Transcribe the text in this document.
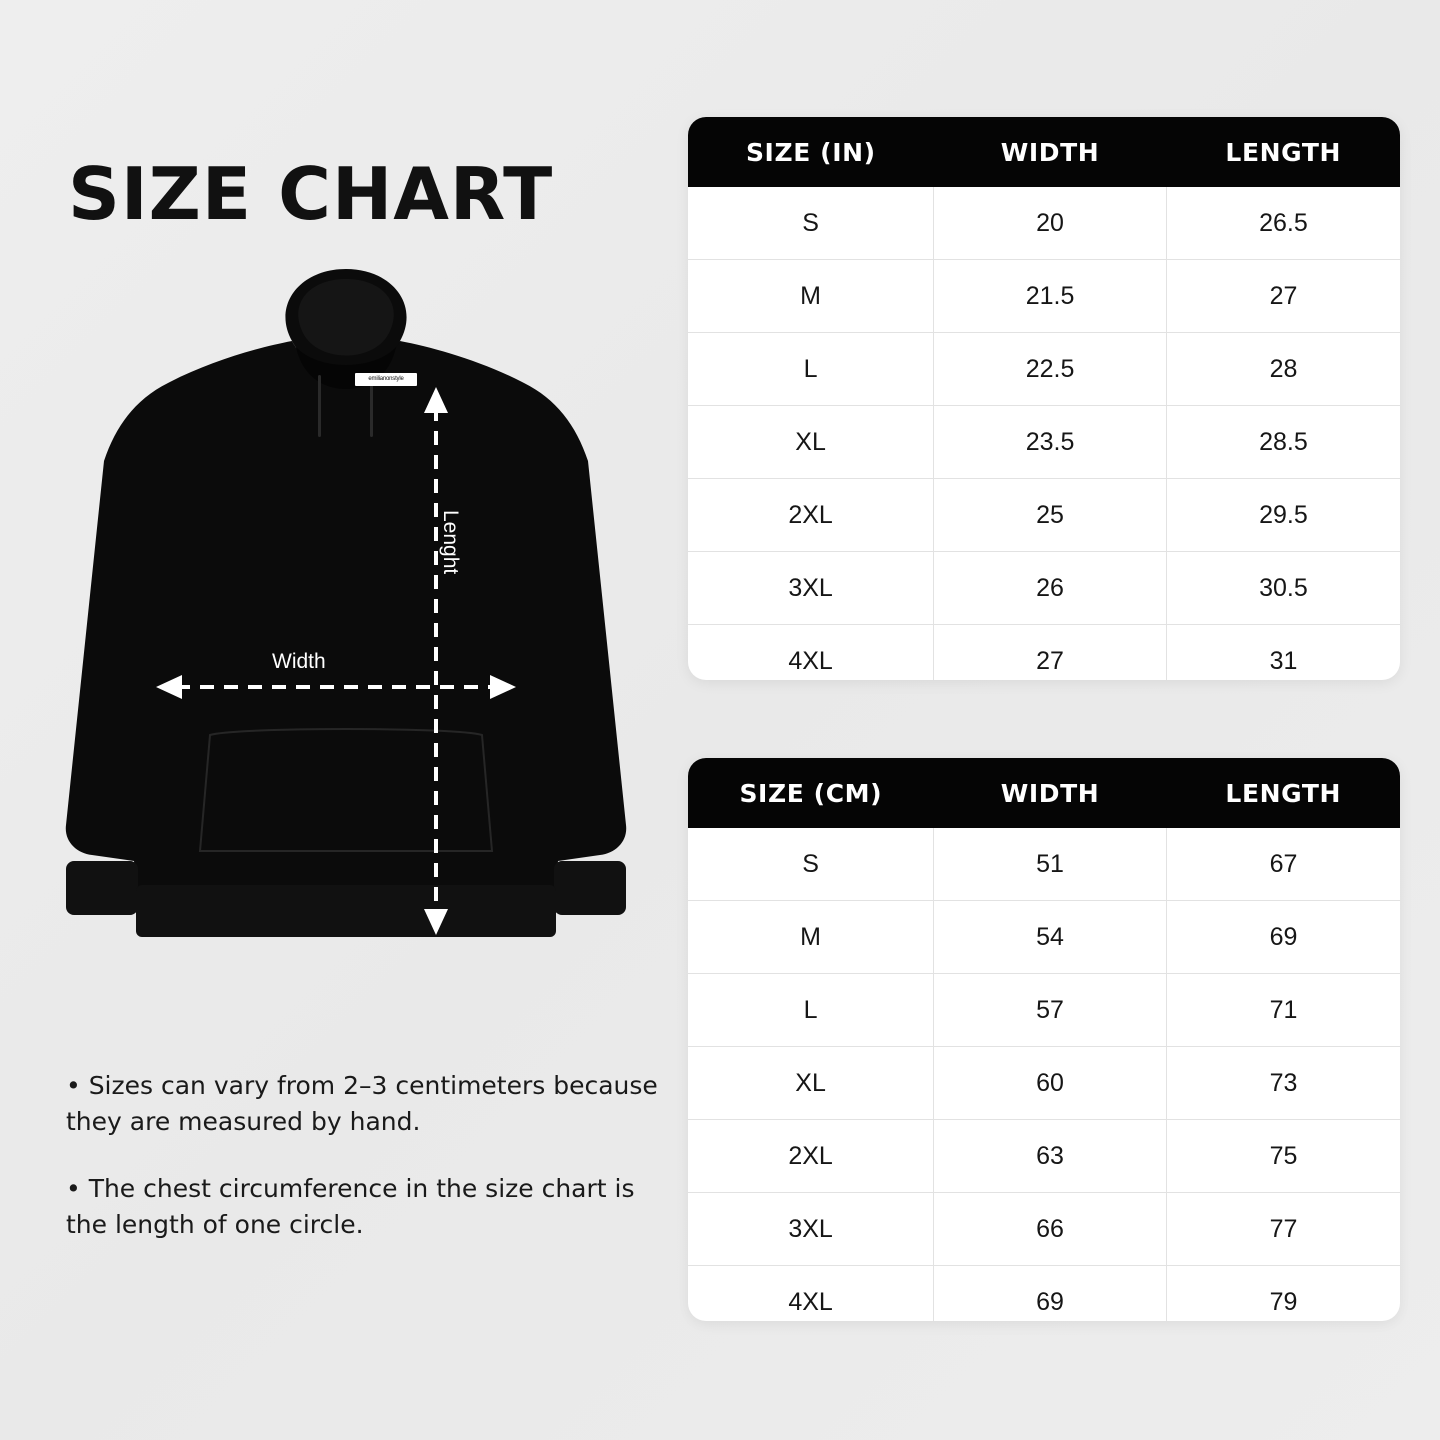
SIZE CHART
emilianonstyle
Width
Lenght
• Sizes can vary from 2–3 centimeters because they are measured by hand.
• The chest circumference in the size chart is the length of one circle.
SIZE (IN)	WIDTH	LENGTH
S	20	26.5
M	21.5	27
L	22.5	28
XL	23.5	28.5
2XL	25	29.5
3XL	26	30.5
4XL	27	31
SIZE (CM)	WIDTH	LENGTH
S	51	67
M	54	69
L	57	71
XL	60	73
2XL	63	75
3XL	66	77
4XL	69	79
